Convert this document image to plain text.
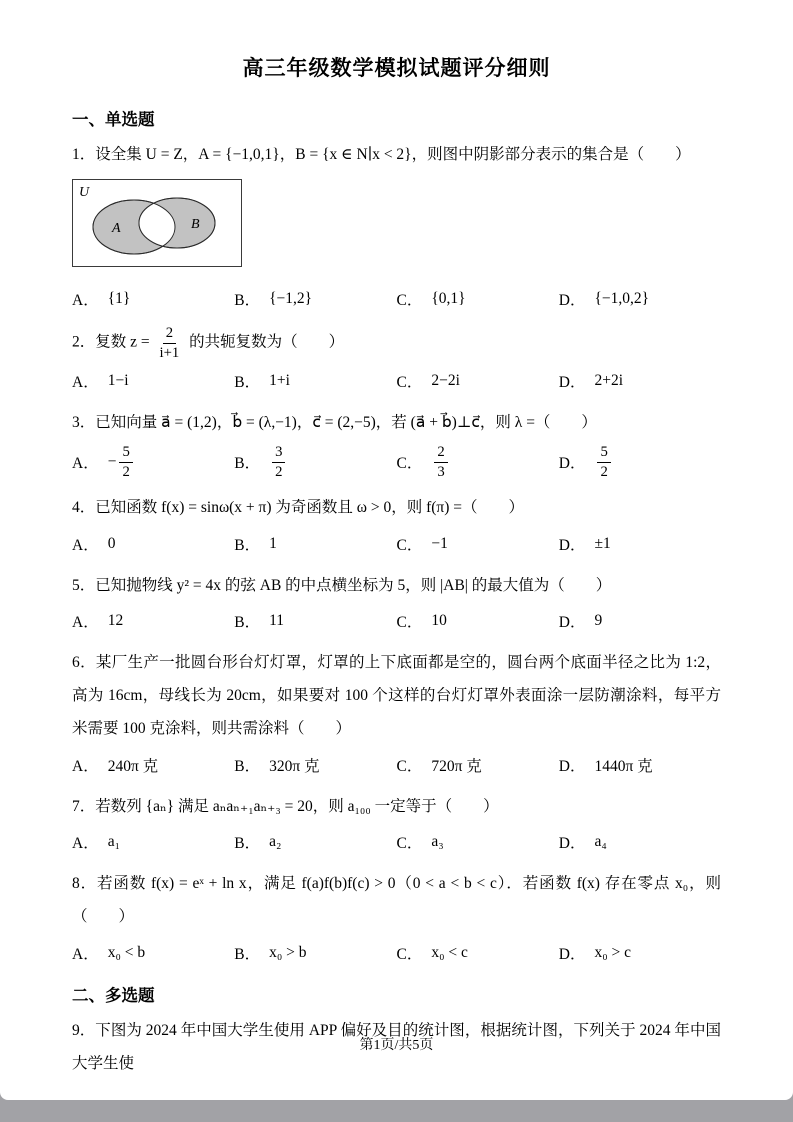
高三年级数学模拟试题评分细则
一、单选题

1．设全集 U = Z，A = {−1,0,1}，B = {x ∈ N∣x < 2}，则图中阴影部分表示的集合是（　　）

U
A	B
A． {1}	B． {−1,2}	C． {0,1}	D． {−1,0,2}

2．复数 $z = \frac{2}{i+1}$ 的共轭复数为（　　）

A． 1−i	B． 1+i	C． 2−2i	D． 2+2i

3．已知向量 a⃗ = (1,2)，b⃗ = (λ,−1)，c⃗ = (2,−5)，若 (a⃗ + b⃗)⊥c⃗，则 λ =（　　）

A． − $\frac{5}{2}$	B． $\frac{3}{2}$	C． $\frac{2}{3}$	D． $\frac{5}{2}$

4．已知函数 f(x) = sinω(x + π) 为奇函数且 ω > 0，则 f(π) =（　　）

A． 0	B． 1	C． −1	D． ±1

5．已知抛物线 y² = 4x 的弦 AB 的中点横坐标为 5，则 |AB| 的最大值为（　　）

A． 12	B． 11	C． 10	D． 9

6．某厂生产一批圆台形台灯灯罩，灯罩的上下底面都是空的，圆台两个底面半径之比为 1:2，高为 16cm，母线长为 20cm，如果要对 100 个这样的台灯灯罩外表面涂一层防潮涂料，每平方米需要 100 克涂料，则共需涂料（　　）

A． 240π 克	B． 320π 克	C． 720π 克	D． 1440π 克

7．若数列 {aₙ} 满足 aₙaₙ₊₁aₙ₊₃ = 20，则 a₁₀₀ 一定等于（　　）

A． a₁	B． a₂	C． a₃	D． a₄

8．若函数 f(x) = eˣ + ln x，满足 f(a)f(b)f(c) > 0（0 < a < b < c）．若函数 f(x) 存在零点 x₀，则（　　）

A． x₀ < b	B． x₀ > b	C． x₀ < c	D． x₀ > c
二、多选题

9．下图为 2024 年中国大学生使用 APP 偏好及目的统计图，根据统计图，下列关于 2024 年中国大学生使

第1页/共5页
